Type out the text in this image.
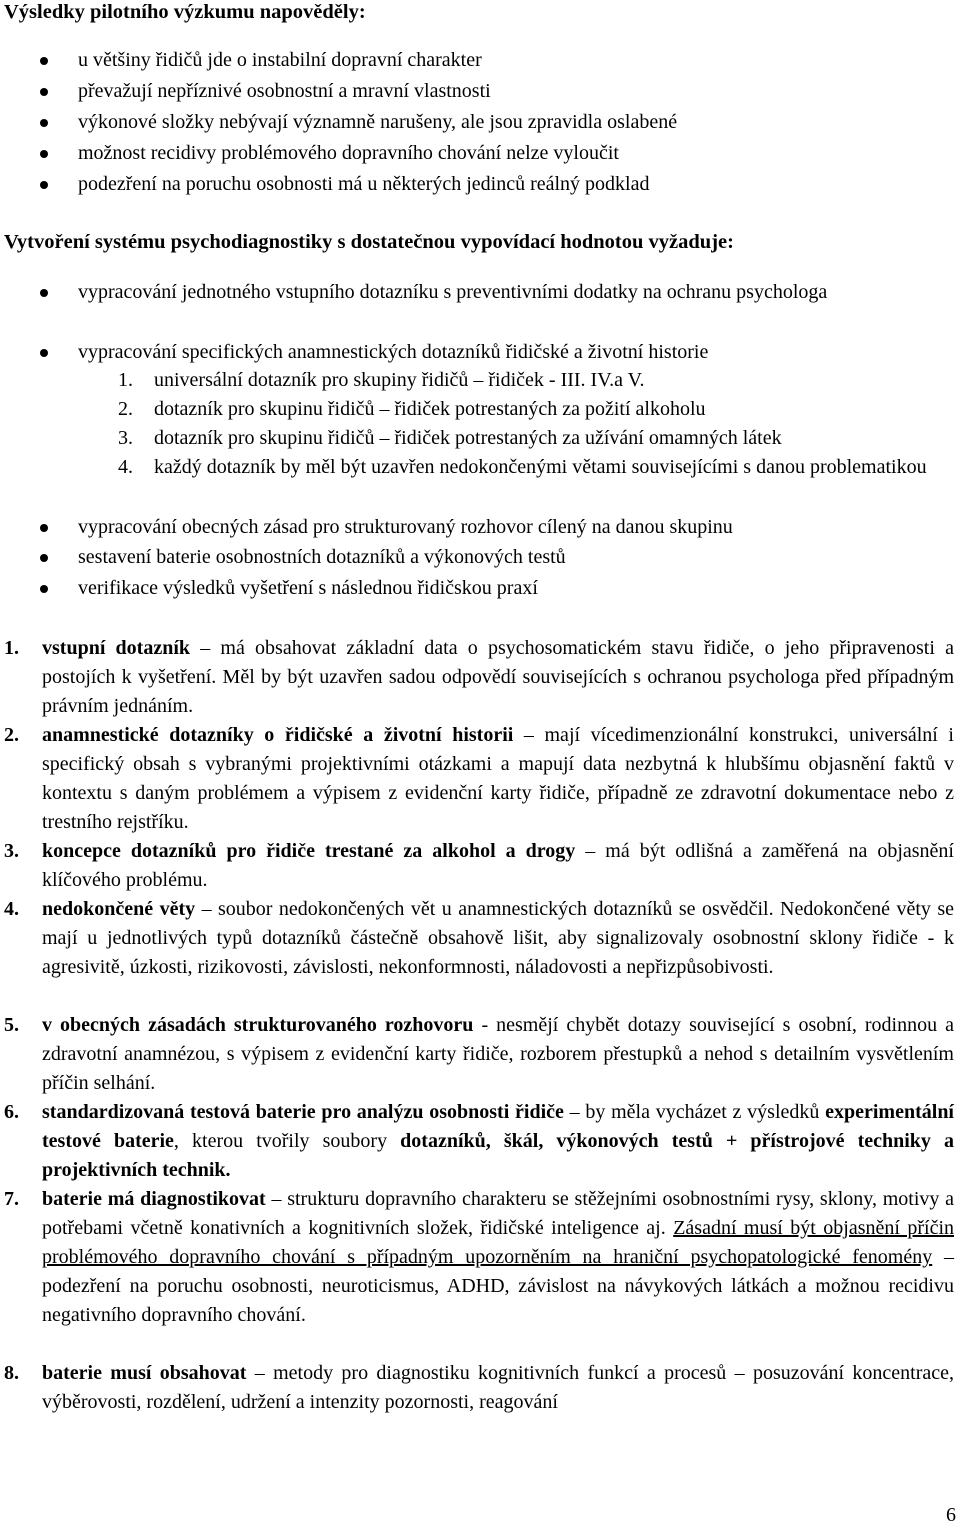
Výsledky pilotního výzkumu napověděly:
u většiny řidičů jde o instabilní dopravní charakter
převažují nepříznivé osobnostní a mravní vlastnosti
výkonové složky nebývají významně narušeny, ale jsou zpravidla oslabené
možnost recidivy problémového dopravního chování nelze vyloučit
podezření na poruchu osobnosti má u některých jedinců reálný podklad
Vytvoření systému psychodiagnostiky s dostatečnou vypovídací hodnotou vyžaduje:
vypracování jednotného vstupního dotazníku s preventivními dodatky na ochranu psychologa
vypracování specifických anamnestických dotazníků řidičské a životní historie
1. universální dotazník pro skupiny řidičů – řidiček - III. IV.a V.
2. dotazník pro skupinu řidičů – řidiček potrestaných za požití alkoholu
3. dotazník pro skupinu řidičů – řidiček potrestaných za užívání omamných látek
4. každý dotazník by měl být uzavřen nedokončenými větami souvisejícími s danou problematikou
vypracování obecných zásad pro strukturovaný rozhovor cílený na danou skupinu
sestavení baterie osobnostních dotazníků a výkonových testů
verifikace výsledků vyšetření s následnou řidičskou praxí
1. vstupní dotazník – má obsahovat základní data o psychosomatickém stavu řidiče, o jeho připravenosti a postojích k vyšetření. Měl by být uzavřen sadou odpovědí souvisejících s ochranou psychologa před případným právním jednáním.
2. anamnestické dotazníky o řidičské a životní historii – mají vícedimenzionální konstrukci, universální i specifický obsah s vybranými projektivními otázkami a mapují data nezbytná k hlubšímu objasnění faktů v kontextu s daným problémem a výpisem z evidenční karty řidiče, případně ze zdravotní dokumentace nebo z trestního rejstříku.
3. koncepce dotazníků pro řidiče trestané za alkohol a drogy – má být odlišná a zaměřená na objasnění klíčového problému.
4. nedokončené věty – soubor nedokončených vět u anamnestických dotazníků se osvědčil. Nedokončené věty se mají u jednotlivých typů dotazníků částečně obsahově lišit, aby signalizovaly osobnostní sklony řidiče - k agresivitě, úzkosti, rizikovosti, závislosti, nekonformnosti, náladovosti a nepřizpůsobivosti.
5. v obecných zásadách strukturovaného rozhovoru - nesmějí chybět dotazy související s osobní, rodinnou a zdravotní anamnézou, s výpisem z evidenční karty řidiče, rozborem přestupků a nehod s detailním vysvětlením příčin selhání.
6. standardizovaná testová baterie pro analýzu osobnosti řidiče – by měla vycházet z výsledků experimentální testové baterie, kterou tvořily soubory dotazníků, škál, výkonových testů + přístrojové techniky a projektivních technik.
7. baterie má diagnostikovat – strukturu dopravního charakteru se stěžejními osobnostními rysy, sklony, motivy a potřebami včetně konativních a kognitivních složek, řidičské inteligence aj. Zásadní musí být objasnění příčin problémového dopravního chování s případným upozorněním na hraniční psychopatologické fenomény – podezření na poruchu osobnosti, neuroticismus, ADHD, závislost na návykových látkách a možnou recidivu negativního dopravního chování.
8. baterie musí obsahovat – metody pro diagnostiku kognitivních funkcí a procesů – posuzování koncentrace, výběrovosti, rozdělení, udržení a intenzity pozornosti, reagování
6
